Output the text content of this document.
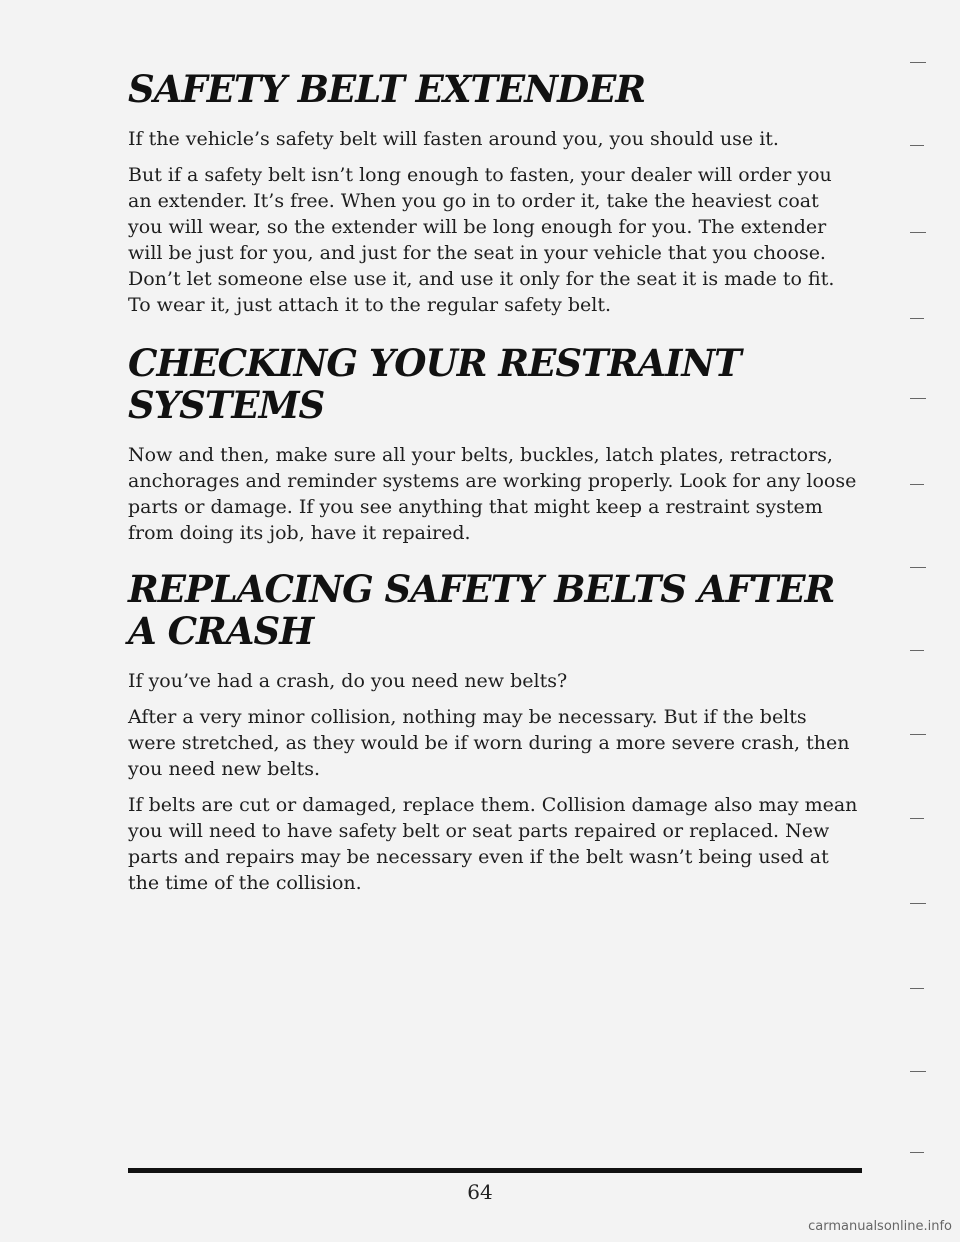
SAFETY BELT EXTENDER

If the vehicle’s safety belt will fasten around you, you should use it.

But if a safety belt isn’t long enough to fasten, your dealer will order you an extender. It’s free. When you go in to order it, take the heaviest coat you will wear, so the extender will be long enough for you. The extender will be just for you, and just for the seat in your vehicle that you choose. Don’t let someone else use it, and use it only for the seat it is made to fit. To wear it, just attach it to the regular safety belt.

CHECKING YOUR RESTRAINT SYSTEMS

Now and then, make sure all your belts, buckles, latch plates, retractors, anchorages and reminder systems are working properly. Look for any loose parts or damage. If you see anything that might keep a restraint system from doing its job, have it repaired.

REPLACING SAFETY BELTS AFTER A CRASH

If you’ve had a crash, do you need new belts?

After a very minor collision, nothing may be necessary. But if the belts were stretched, as they would be if worn during a more severe crash, then you need new belts.

If belts are cut or damaged, replace them. Collision damage also may mean you will need to have safety belt or seat parts repaired or replaced. New parts and repairs may be necessary even if the belt wasn’t being used at the time of the collision.

64
carmanualsonline.info
